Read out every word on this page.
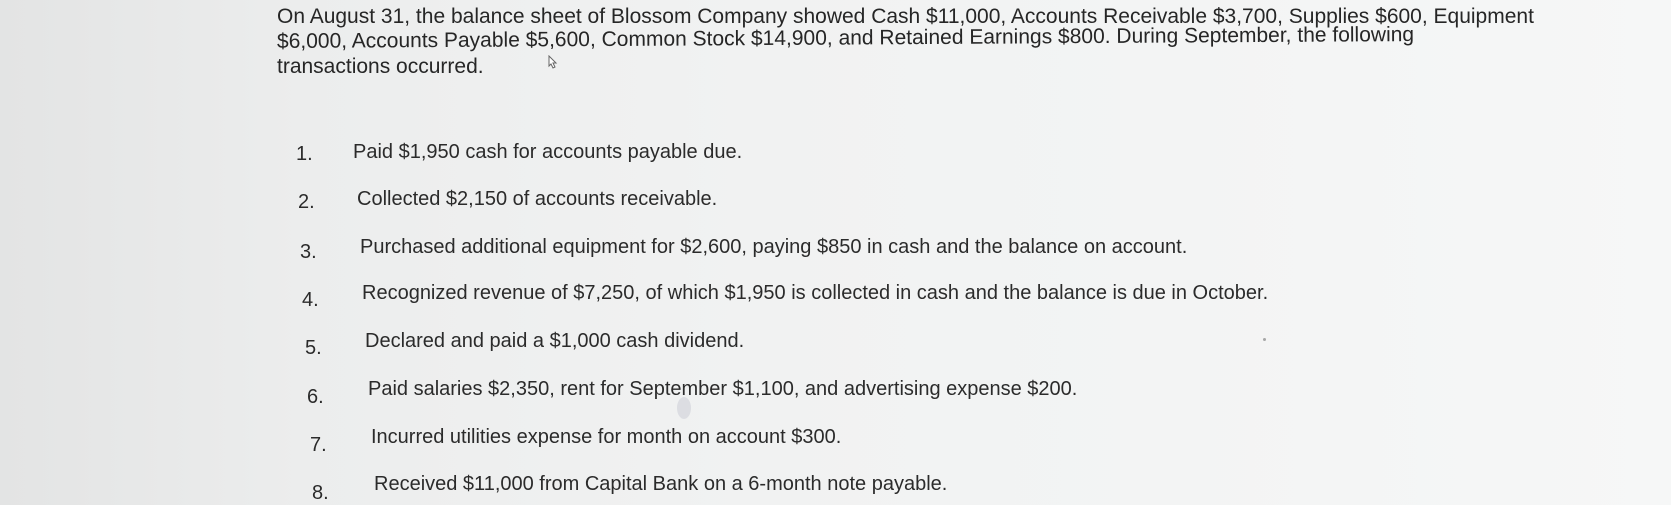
On August 31, the balance sheet of Blossom Company showed Cash $11,000, Accounts Receivable $3,700, Supplies $600, Equipment
$6,000, Accounts Payable $5,600, Common Stock $14,900, and Retained Earnings $800. During September, the following
transactions occurred.
1. Paid $1,950 cash for accounts payable due.
2. Collected $2,150 of accounts receivable.
3. Purchased additional equipment for $2,600, paying $850 in cash and the balance on account.
4. Recognized revenue of $7,250, of which $1,950 is collected in cash and the balance is due in October.
5. Declared and paid a $1,000 cash dividend.
6. Paid salaries $2,350, rent for September $1,100, and advertising expense $200.
7. Incurred utilities expense for month on account $300.
8. Received $11,000 from Capital Bank on a 6-month note payable.
